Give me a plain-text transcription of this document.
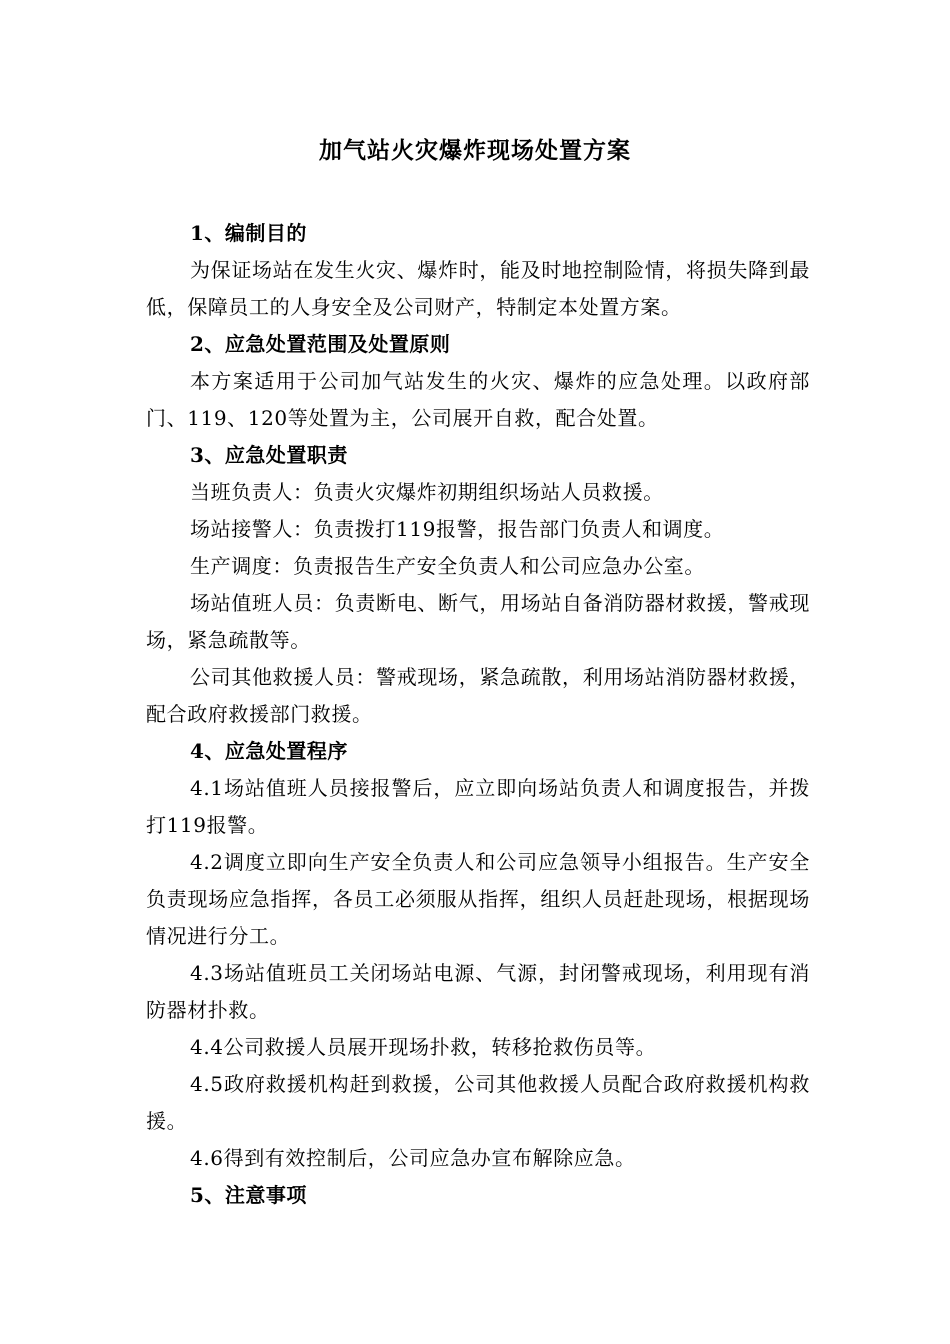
加气站火灾爆炸现场处置方案

1、编制目的

为保证场站在发生火灾、爆炸时，能及时地控制险情，将损失降到最低，保障员工的人身安全及公司财产，特制定本处置方案。

2、应急处置范围及处置原则

本方案适用于公司加气站发生的火灾、爆炸的应急处理。以政府部门、119、120等处置为主，公司展开自救，配合处置。

3、应急处置职责

当班负责人：负责火灾爆炸初期组织场站人员救援。

场站接警人：负责拨打119报警，报告部门负责人和调度。

生产调度：负责报告生产安全负责人和公司应急办公室。

场站值班人员：负责断电、断气，用场站自备消防器材救援，警戒现场，紧急疏散等。

公司其他救援人员：警戒现场，紧急疏散，利用场站消防器材救援，配合政府救援部门救援。

4、应急处置程序

4.1场站值班人员接报警后，应立即向场站负责人和调度报告，并拨打119报警。

4.2调度立即向生产安全负责人和公司应急领导小组报告。生产安全负责现场应急指挥，各员工必须服从指挥，组织人员赶赴现场，根据现场情况进行分工。

4.3场站值班员工关闭场站电源、气源，封闭警戒现场，利用现有消防器材扑救。

4.4公司救援人员展开现场扑救，转移抢救伤员等。

4.5政府救援机构赶到救援，公司其他救援人员配合政府救援机构救援。

4.6得到有效控制后，公司应急办宣布解除应急。

5、注意事项
